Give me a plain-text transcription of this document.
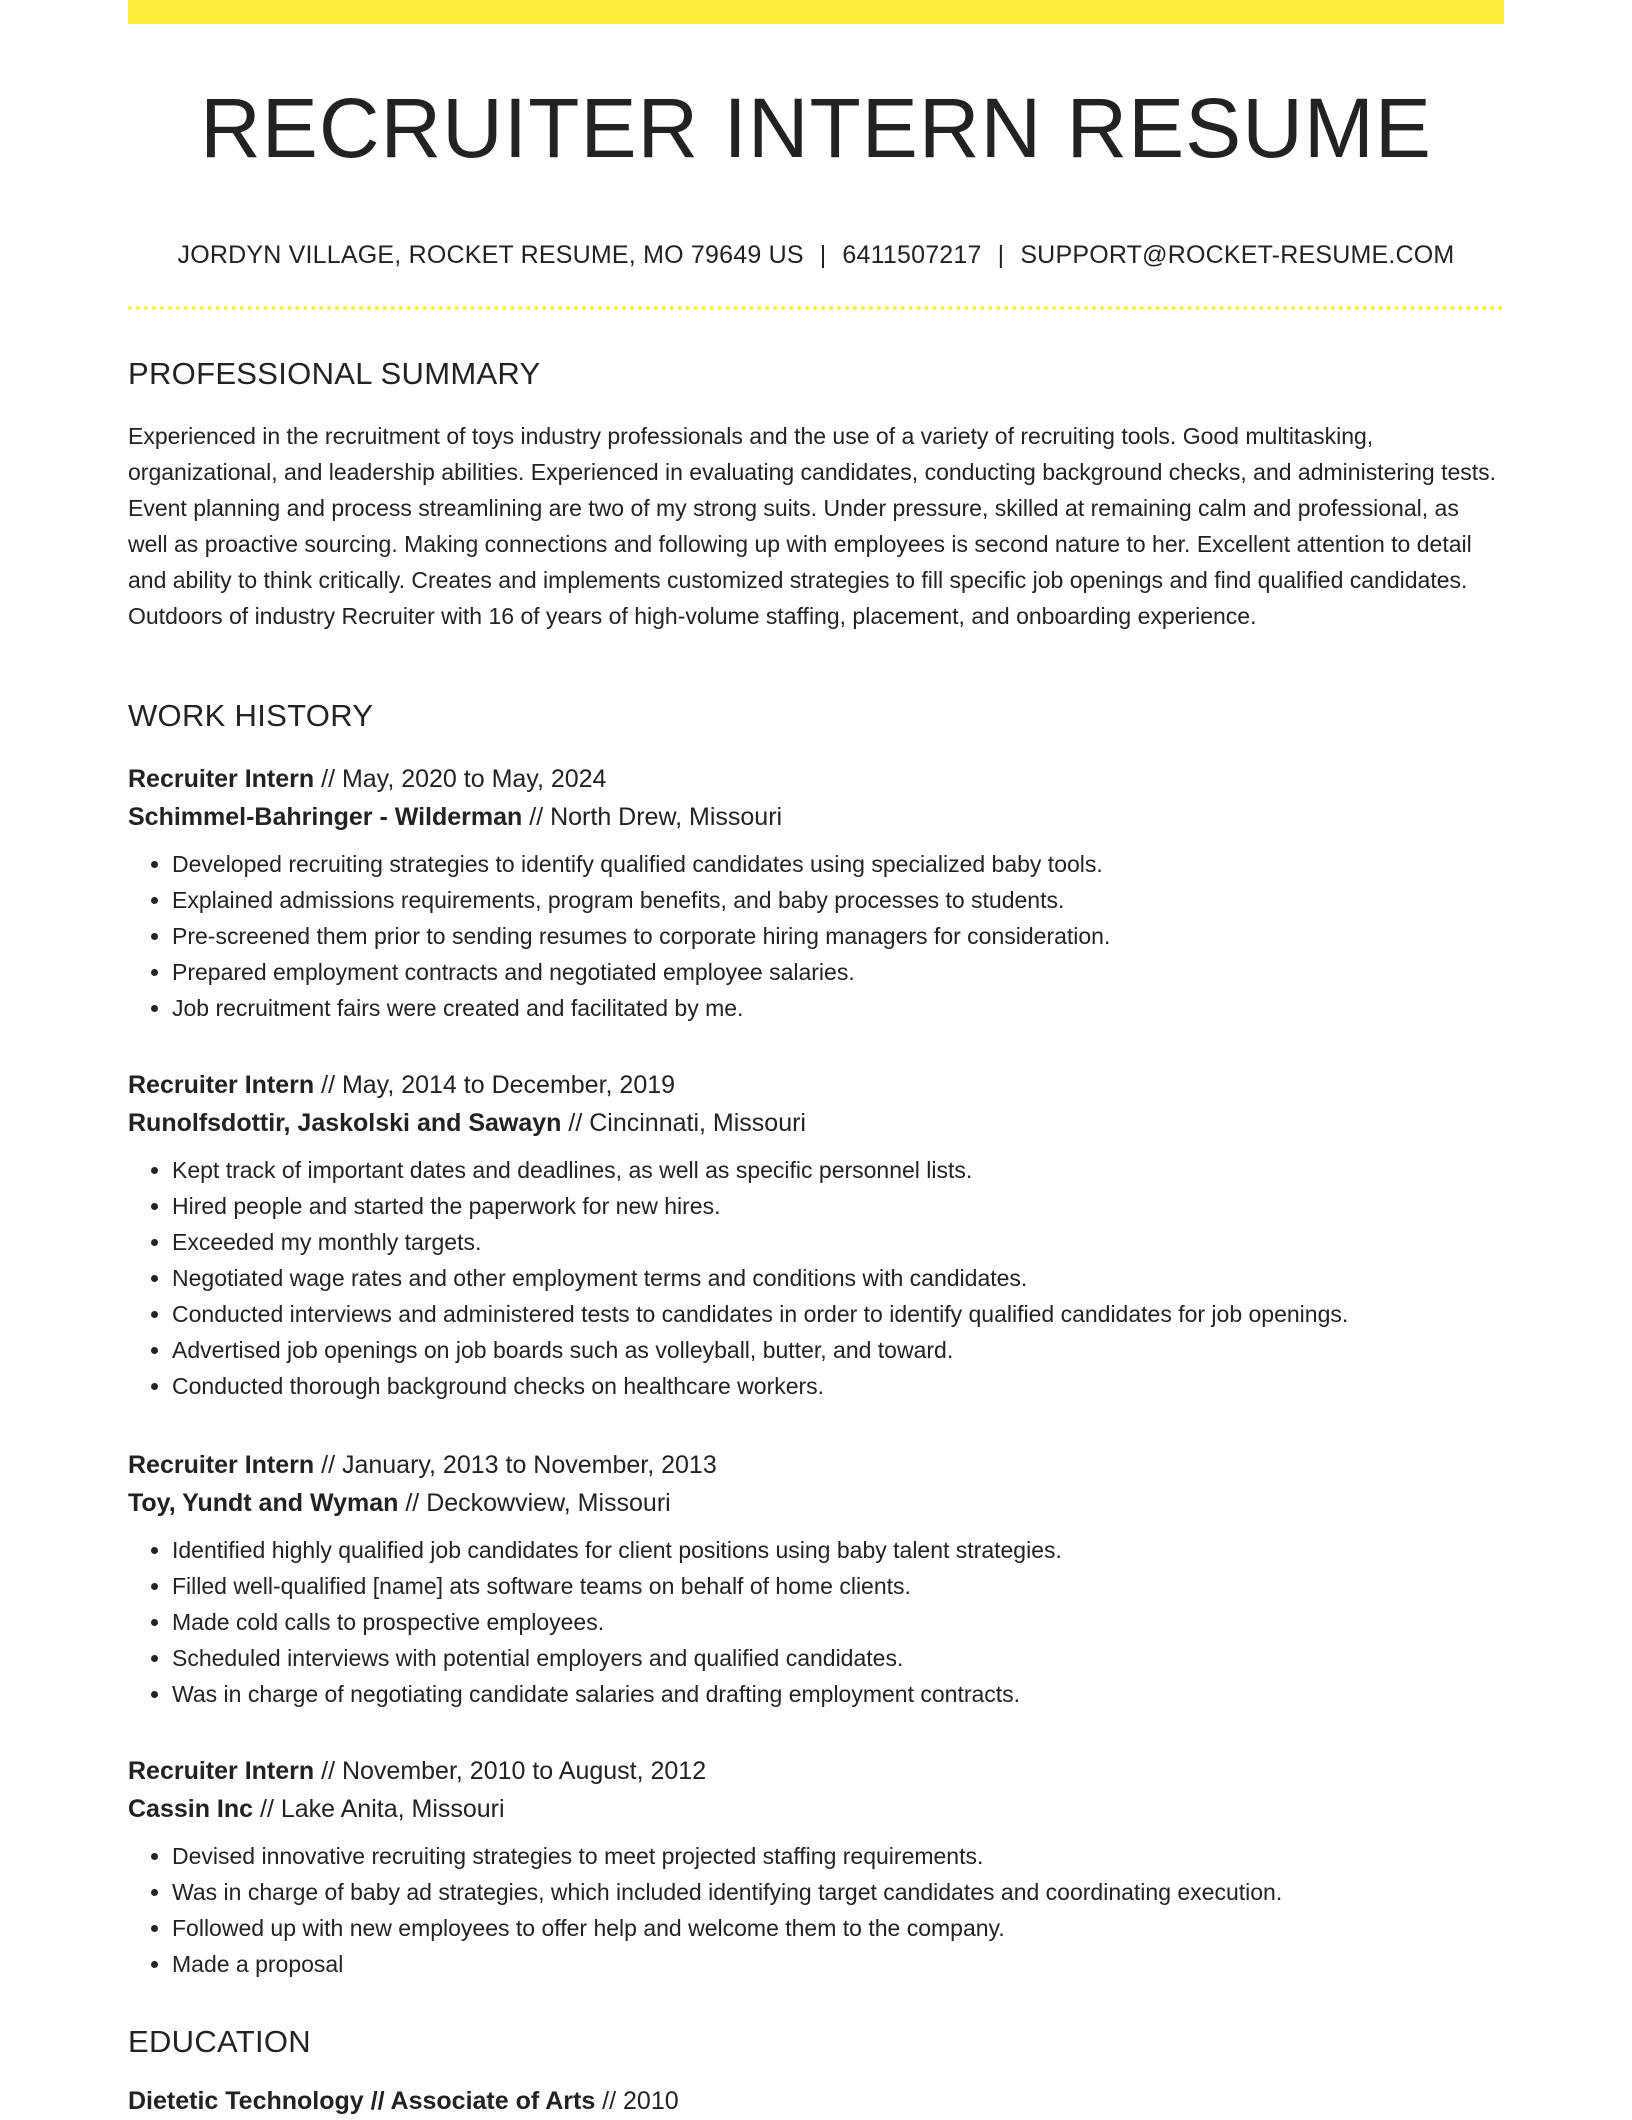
RECRUITER INTERN RESUME
JORDYN VILLAGE, ROCKET RESUME, MO 79649 US | 6411507217 | SUPPORT@ROCKET-RESUME.COM
PROFESSIONAL SUMMARY

Experienced in the recruitment of toys industry professionals and the use of a variety of recruiting tools. Good multitasking, organizational, and leadership abilities. Experienced in evaluating candidates, conducting background checks, and administering tests. Event planning and process streamlining are two of my strong suits. Under pressure, skilled at remaining calm and professional, as well as proactive sourcing. Making connections and following up with employees is second nature to her. Excellent attention to detail and ability to think critically. Creates and implements customized strategies to fill specific job openings and find qualified candidates. Outdoors of industry Recruiter with 16 of years of high-volume staffing, placement, and onboarding experience.

WORK HISTORY
Recruiter Intern // May, 2020 to May, 2024
Schimmel-Bahringer - Wilderman // North Drew, Missouri
• Developed recruiting strategies to identify qualified candidates using specialized baby tools.
• Explained admissions requirements, program benefits, and baby processes to students.
• Pre-screened them prior to sending resumes to corporate hiring managers for consideration.
• Prepared employment contracts and negotiated employee salaries.
• Job recruitment fairs were created and facilitated by me.
Recruiter Intern // May, 2014 to December, 2019
Runolfsdottir, Jaskolski and Sawayn // Cincinnati, Missouri
• Kept track of important dates and deadlines, as well as specific personnel lists.
• Hired people and started the paperwork for new hires.
• Exceeded my monthly targets.
• Negotiated wage rates and other employment terms and conditions with candidates.
• Conducted interviews and administered tests to candidates in order to identify qualified candidates for job openings.
• Advertised job openings on job boards such as volleyball, butter, and toward.
• Conducted thorough background checks on healthcare workers.
Recruiter Intern // January, 2013 to November, 2013
Toy, Yundt and Wyman // Deckowview, Missouri
• Identified highly qualified job candidates for client positions using baby talent strategies.
• Filled well-qualified [name] ats software teams on behalf of home clients.
• Made cold calls to prospective employees.
• Scheduled interviews with potential employers and qualified candidates.
• Was in charge of negotiating candidate salaries and drafting employment contracts.
Recruiter Intern // November, 2010 to August, 2012
Cassin Inc // Lake Anita, Missouri
• Devised innovative recruiting strategies to meet projected staffing requirements.
• Was in charge of baby ad strategies, which included identifying target candidates and coordinating execution.
• Followed up with new employees to offer help and welcome them to the company.
• Made a proposal
EDUCATION
Dietetic Technology // Associate of Arts // 2010
